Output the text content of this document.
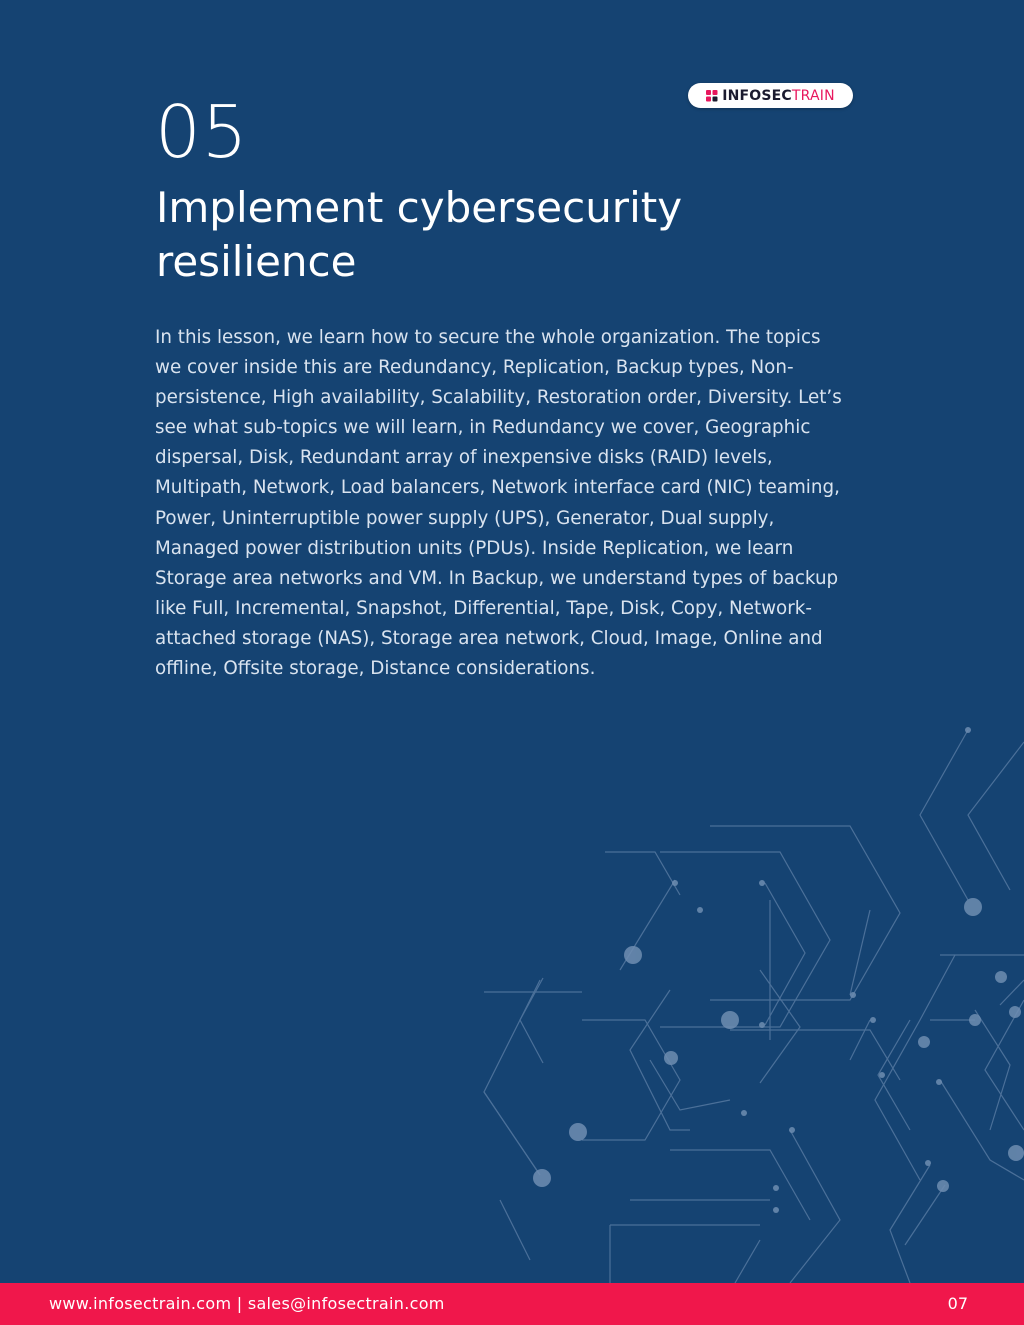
INFOSECTRAIN
05
Implement cybersecurity resilience

In this lesson, we learn how to secure the whole organization. The topics we cover inside this are Redundancy, Replication, Backup types, Non-persistence, High availability, Scalability, Restoration order, Diversity. Let’s see what sub-topics we will learn, in Redundancy we cover, Geographic dispersal, Disk, Redundant array of inexpensive disks (RAID) levels, Multipath, Network, Load balancers, Network interface card (NIC) teaming, Power, Uninterruptible power supply (UPS), Generator, Dual supply, Managed power distribution units (PDUs). Inside Replication, we learn Storage area networks and VM. In Backup, we understand types of backup like Full, Incremental, Snapshot, Differential, Tape, Disk, Copy, Network-attached storage (NAS), Storage area network, Cloud, Image, Online and offline, Offsite storage, Distance considerations.

www.infosectrain.com | sales@infosectrain.com	07
